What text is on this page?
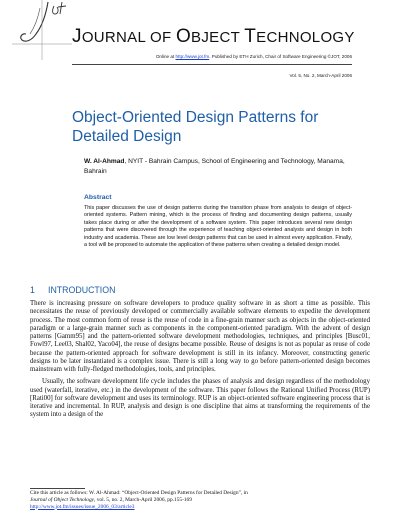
JOURNAL OF OBJECT TECHNOLOGY
Online at http://www.jot.fm. Published by ETH Zurich, Chair of Software Engineering ©JOT, 2006
Vol. 5, No. 2, March-April 2006
Object-Oriented Design Patterns for Detailed Design
W. Al-Ahmad, NYIT - Bahrain Campus, School of Engineering and Technology, Manama, Bahrain
Abstract
This paper discusses the use of design patterns during the transition phase from analysis to design of object-oriented systems. Pattern mining, which is the process of finding and documenting design patterns, usually takes place during or after the development of a software system. This paper introduces several new design patterns that were discovered through the experience of teaching object-oriented analysis and design in both industry and academia. These are low level design patterns that can be used in almost every application. Finally, a tool will be proposed to automate the application of these patterns when creating a detailed design model.
1 INTRODUCTION

There is increasing pressure on software developers to produce quality software in as short a time as possible. This necessitates the reuse of previously developed or commercially available software elements to expedite the development process. The most common form of reuse is the reuse of code in a fine-grain manner such as objects in the object-oriented paradigm or a large-grain manner such as components in the component-oriented paradigm. With the advent of design patterns [Gamm95] and the pattern-oriented software development methodologies, techniques, and principles [Busc01, Fowl97, Lee03, Shal02, Yaco04], the reuse of designs became possible. Reuse of designs is not as popular as reuse of code because the pattern-oriented approach for software development is still in its infancy. Moreover, constructing generic designs to be later instantiated is a complex issue. There is still a long way to go before pattern-oriented design becomes mainstream with fully-fledged methodologies, tools, and principles.

Usually, the software development life cycle includes the phases of analysis and design regardless of the methodology used (waterfall, iterative, etc.) in the development of the software. This paper follows the Rational Unified Process (RUP) [Rati00] for software development and uses its terminology. RUP is an object-oriented software engineering process that is iterative and incremental. In RUP, analysis and design is one discipline that aims at transforming the requirements of the system into a design of the

Cite this article as follows: W. Al-Ahmad: “Object-Oriented Design Patterns for Detailed Design”, in
Journal of Object Technology, vol. 5, no. 2, March-April 2006, pp.155-169
http://www.jot.fm/issues/issue_2006_03/article3
